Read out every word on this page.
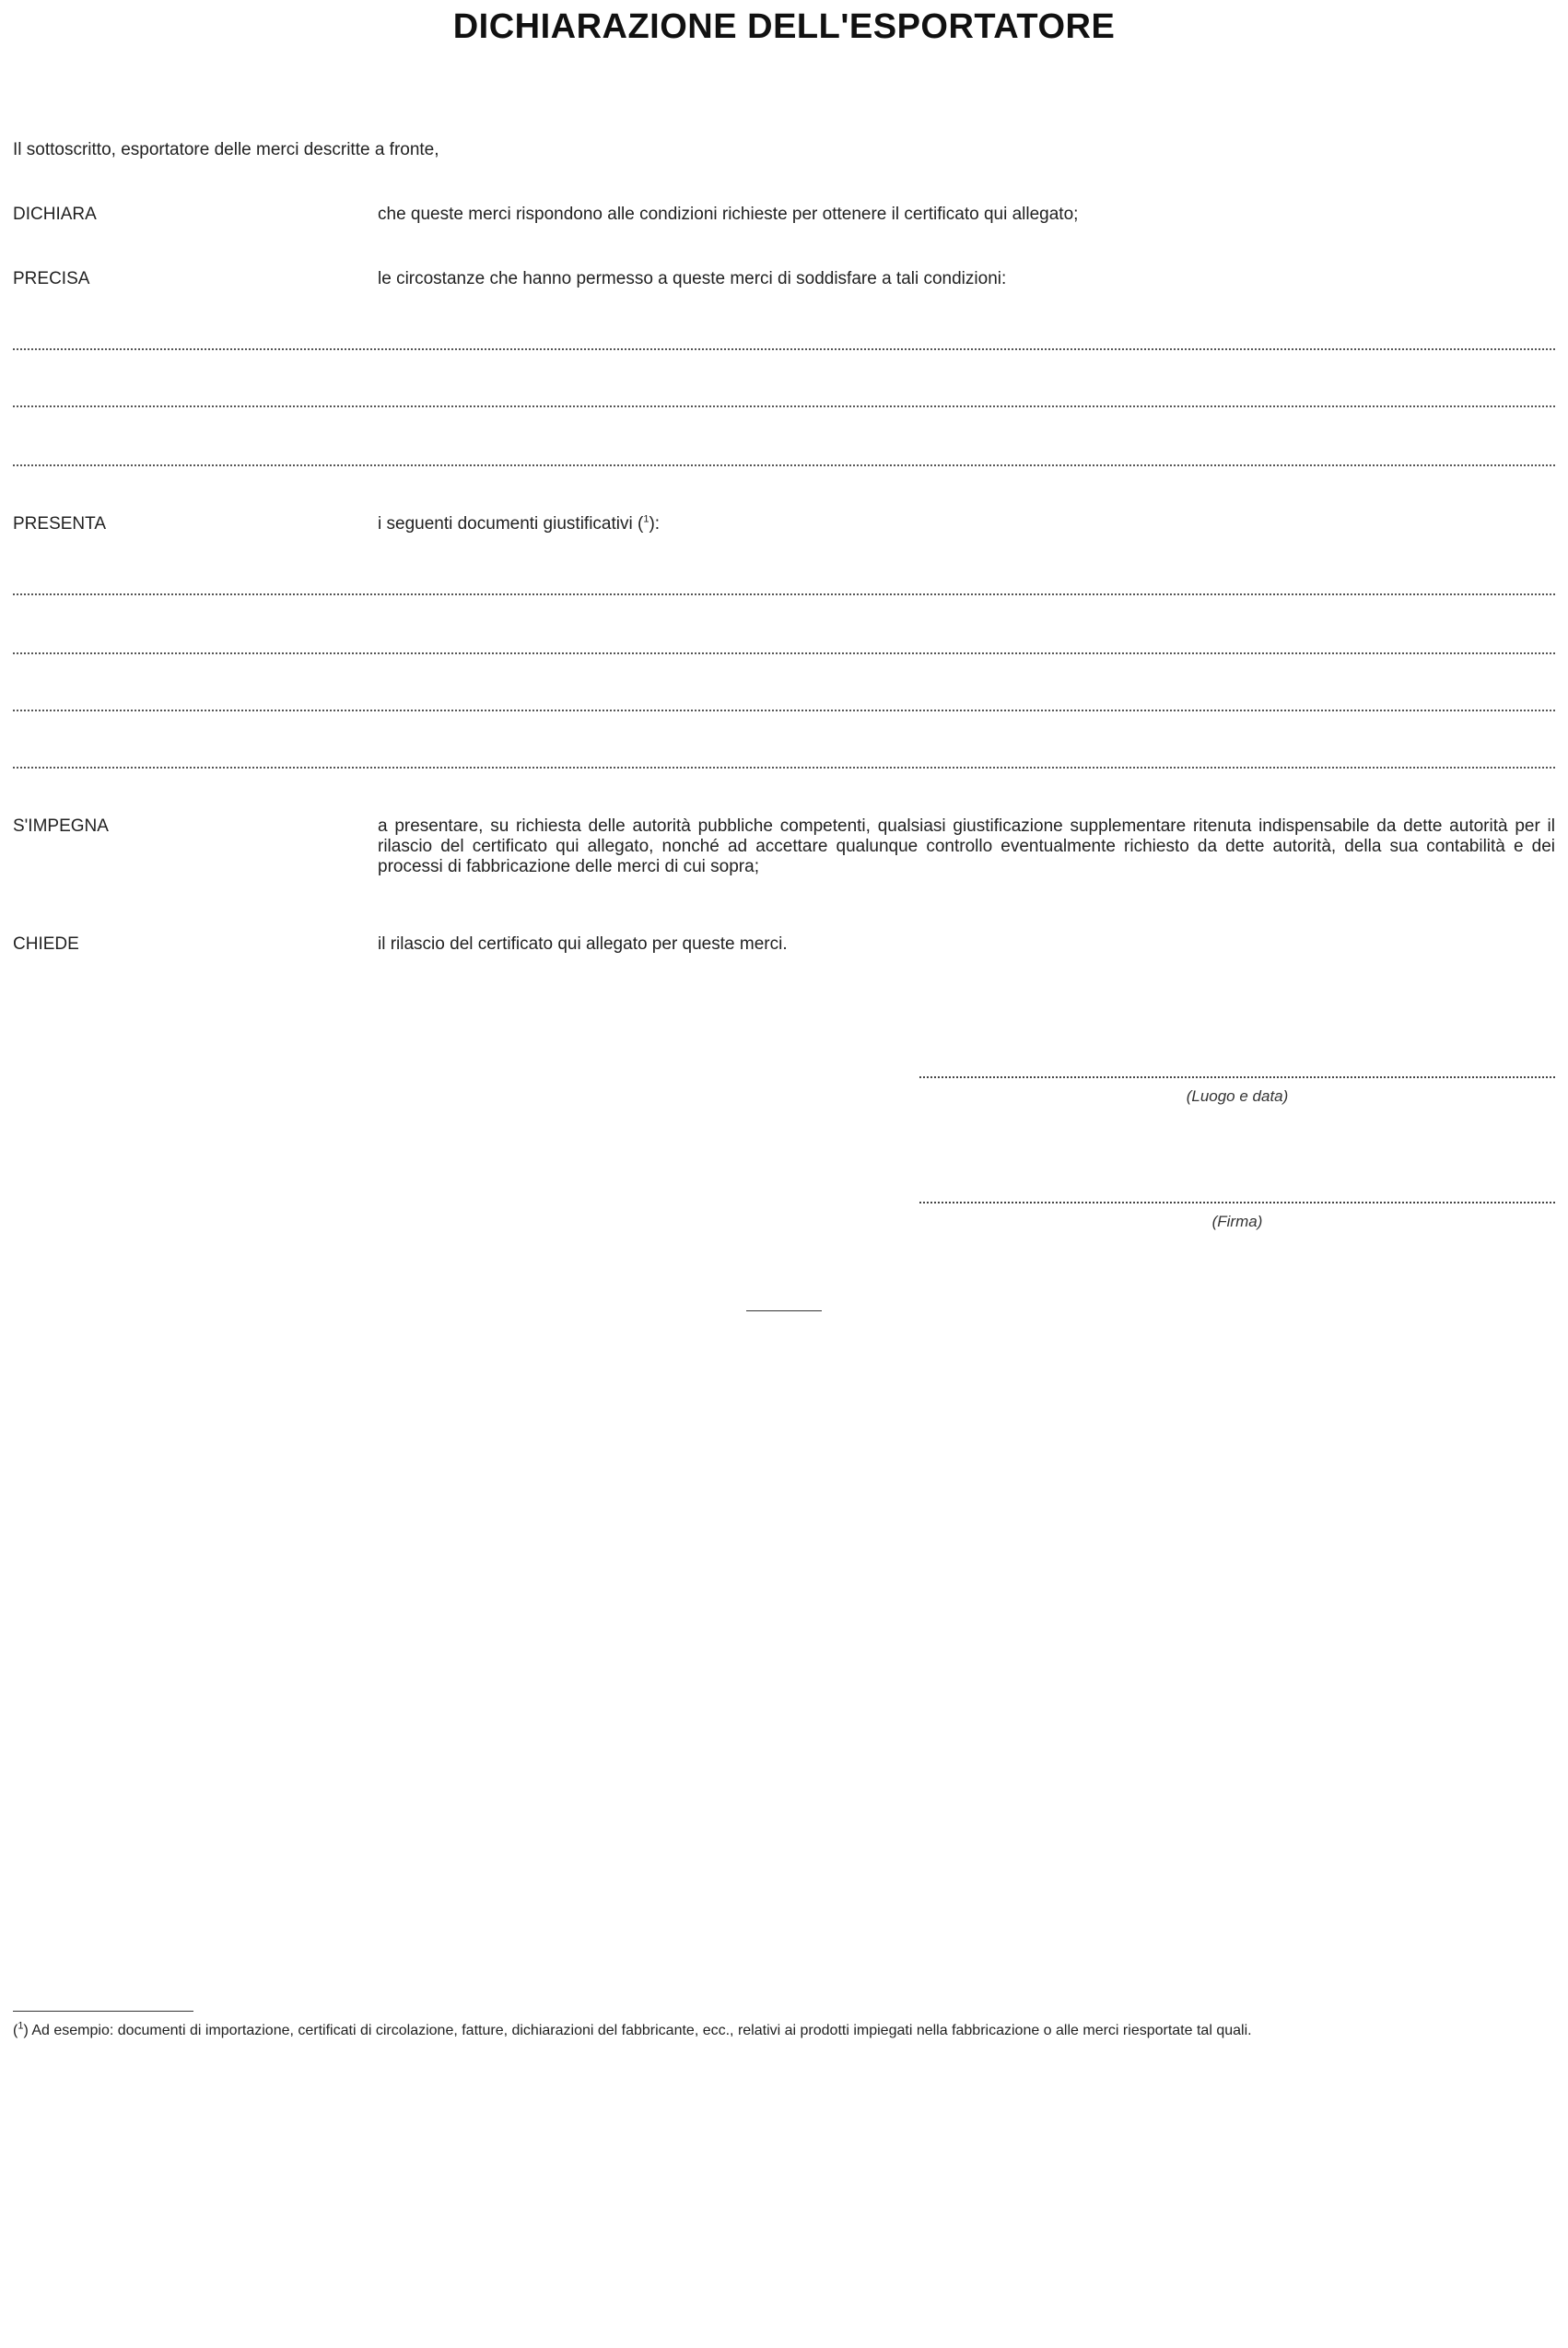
DICHIARAZIONE DELL'ESPORTATORE
Il sottoscritto, esportatore delle merci descritte a fronte,
DICHIARA	che queste merci rispondono alle condizioni richieste per ottenere il certificato qui allegato;
PRECISA	le circostanze che hanno permesso a queste merci di soddisfare a tali condizioni:
PRESENTA	i seguenti documenti giustificativi ($^1$):
S'IMPEGNA	a presentare, su richiesta delle autorità pubbliche competenti, qualsiasi giustificazione supplementare ritenuta indispensabile da dette autorità per il rilascio del certificato qui allegato, nonché ad accettare qualunque controllo eventualmente richiesto da dette autorità, della sua contabilità e dei processi di fabbricazione delle merci di cui sopra;
CHIEDE	il rilascio del certificato qui allegato per queste merci.
(Luogo e data)
(Firma)
($^1$) Ad esempio: documenti di importazione, certificati di circolazione, fatture, dichiarazioni del fabbricante, ecc., relativi ai prodotti impiegati nella fabbricazione o alle merci riesportate tal quali.
